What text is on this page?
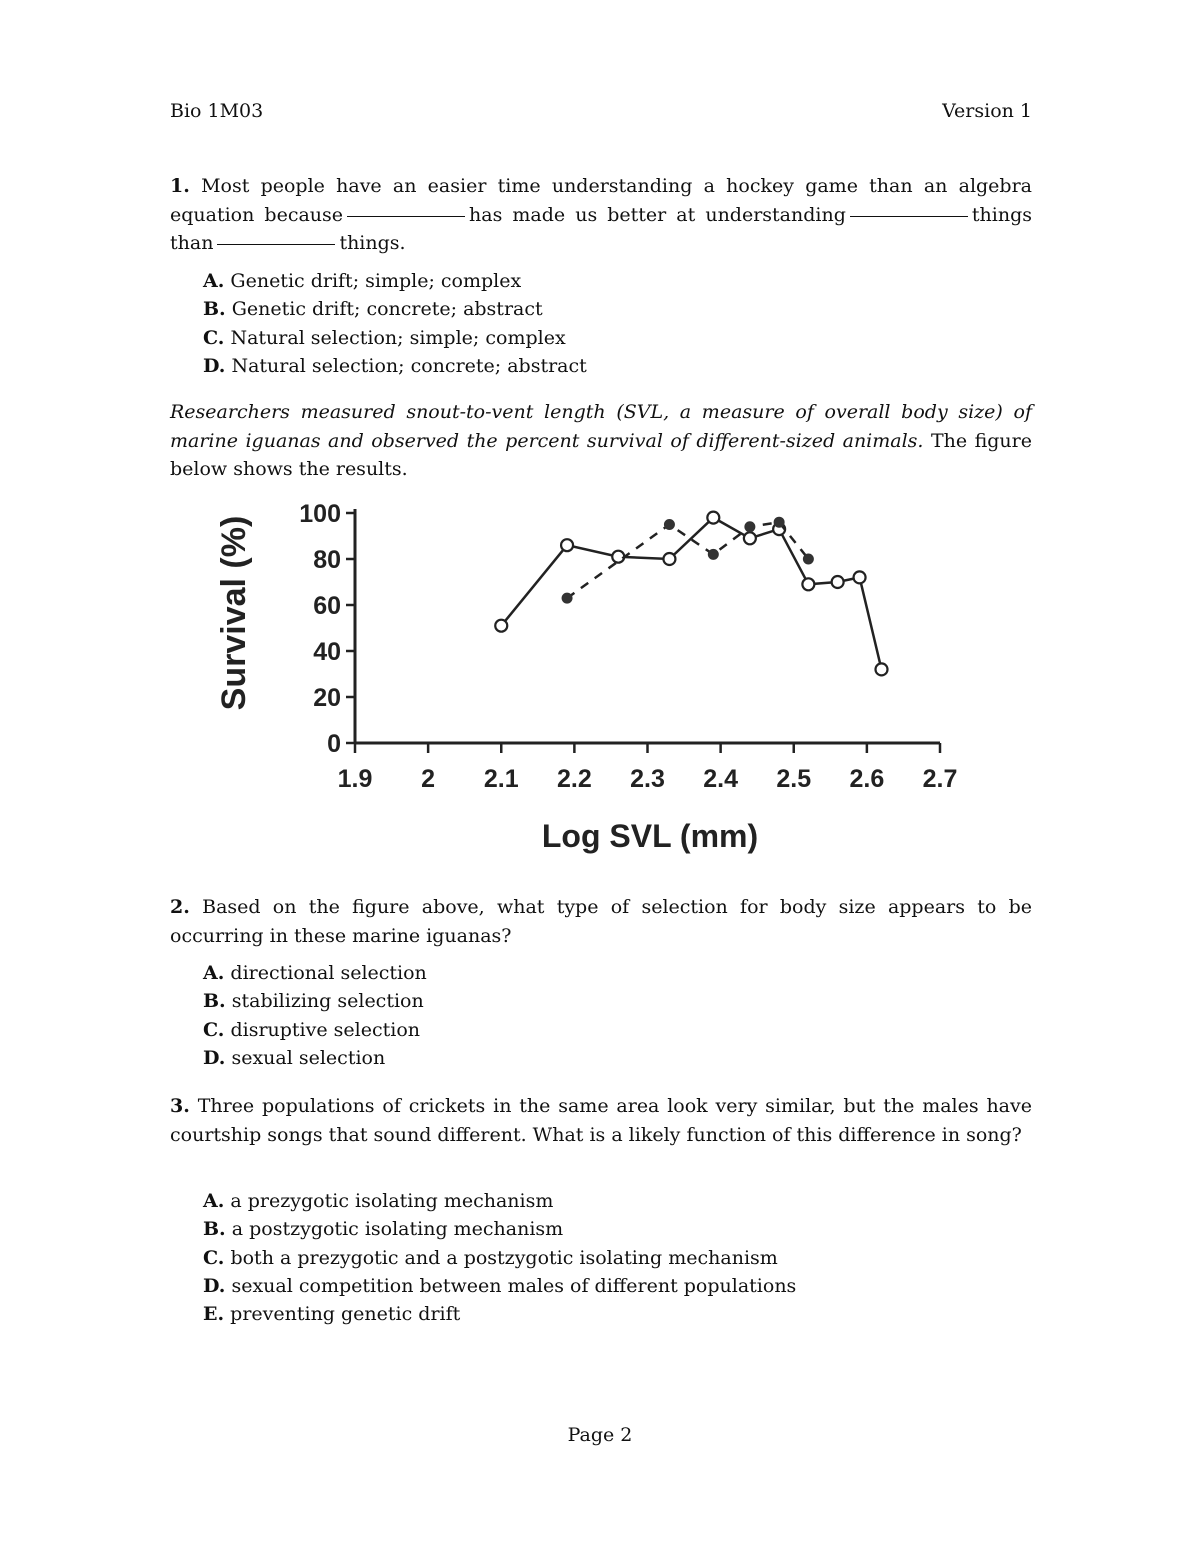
Bio 1M03	Version 1
1. Most people have an easier time understanding a hockey game than an algebra equation because	has made us better at understanding	things than	things.
A. Genetic drift; simple; complex
B. Genetic drift; concrete; abstract
C. Natural selection; simple; complex
D. Natural selection; concrete; abstract
Researchers measured snout-to-vent length (SVL, a measure of overall body size) of marine iguanas and observed the percent survival of different-sized animals. The figure below shows the results.
Survival (%)
Log SVL (mm)
0
20
40
60
80
100
1.9 2 2.1 2.2 2.3 2.4 2.5 2.6 2.7
2. Based on the figure above, what type of selection for body size appears to be occurring in these marine iguanas?
A. directional selection
B. stabilizing selection
C. disruptive selection
D. sexual selection
3. Three populations of crickets in the same area look very similar, but the males have courtship songs that sound different. What is a likely function of this difference in song?
A. a prezygotic isolating mechanism
B. a postzygotic isolating mechanism
C. both a prezygotic and a postzygotic isolating mechanism
D. sexual competition between males of different populations
E. preventing genetic drift
Page 2
